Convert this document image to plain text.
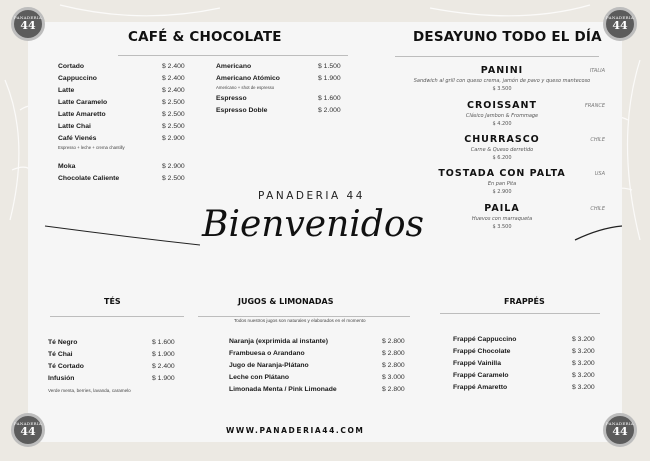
PANADERIA
44
PANADERIA
44
PANADERIA
44
PANADERIA
44
CAFÉ & CHOCOLATE
Cortado	$ 2.400
Cappuccino	$ 2.400
Latte	$ 2.400
Latte Caramelo	$ 2.500
Latte Amaretto	$ 2.500
Latte Chai	$ 2.500
Café Vienés	$ 2.900
Espresso + leche + crema chantilly
Moka	$ 2.900
Chocolate Caliente	$ 2.500
Americano	$ 1.500
Americano Atómico	$ 1.900
Americano + shot de espresso
Espresso	$ 1.600
Espresso Doble	$ 2.000
DESAYUNO TODO EL DÍA
PANINI	ITALIA
Sandwich al grill con queso crema, jamón de pavo y queso mantecoso
$ 3.500
CROISSANT	FRANCE
Clásico Jambon & Frommage
$ 4.200
CHURRASCO	CHILE
Carne & Queso derretido
$ 6.200
TOSTADA CON PALTA	USA
En pan Pita
$ 2.900
PAILA	CHILE
Huevos con marraqueta
$ 3.500
PANADERIA 44
Bienvenidos
TÉS
Té Negro	$ 1.600
Té Chai	$ 1.900
Té Cortado	$ 2.400
Infusión	$ 1.900
Verde menta, berries, lavanda, caramelo
JUGOS & LIMONADAS
Todos nuestros jugos son naturales y elaborados en el momento
Naranja (exprimida al instante)	$ 2.800
Frambuesa o Arandano	$ 2.800
Jugo de Naranja-Plátano	$ 2.800
Leche con Plátano	$ 3.000
Limonada Menta / Pink Limonade	$ 2.800
FRAPPÉS
Frappé Cappuccino	$ 3.200
Frappé Chocolate	$ 3.200
Frappé Vainilla	$ 3.200
Frappé Caramelo	$ 3.200
Frappé Amaretto	$ 3.200
WWW.PANADERIA44.COM
